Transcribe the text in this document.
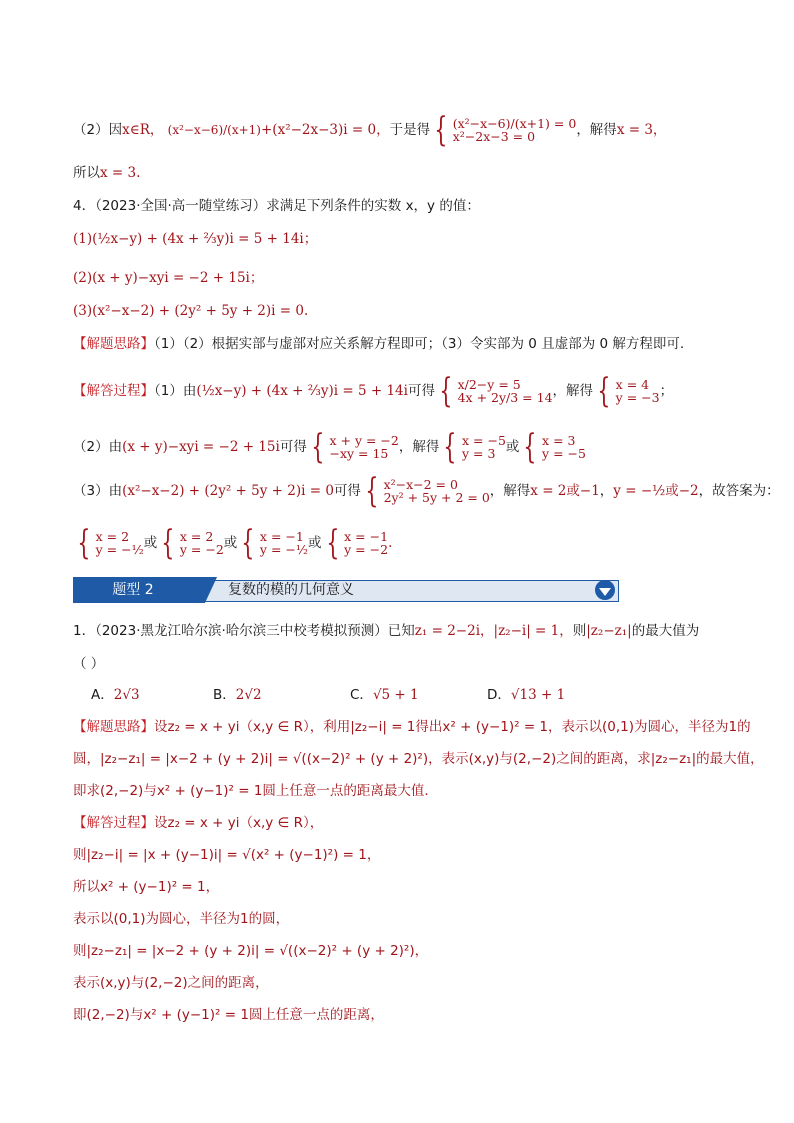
（2）因x∈R， (x²−x−6)/(x+1)+(x²−2x−3)i = 0，于是得 { (x²−x−6)/(x+1) = 0
x²−2x−3 = 0	，解得x = 3，
所以x = 3.
4．（2023·全国·高一随堂练习）求满足下列条件的实数 x，y 的值：
(1)(½x−y) + (4x + ⅔y)i = 5 + 14i；
(2)(x + y)−xyi = −2 + 15i；
(3)(x²−x−2) + (2y² + 5y + 2)i = 0.
【解题思路】（1）（2）根据实部与虚部对应关系解方程即可；（3）令实部为 0 且虚部为 0 解方程即可.
【解答过程】（1）由(½x−y) + (4x + ⅔y)i = 5 + 14i可得 { x/2−y = 5
4x + 2y/3 = 14 ，解得 { x = 4
y = −3 ；
（2）由(x + y)−xyi = −2 + 15i可得 { x + y = −2
−xy = 15 ，解得 { x = −5
y = 3 或 { x = 3
y = −5
（3）由(x²−x−2) + (2y² + 5y + 2)i = 0可得 { x²−x−2 = 0
2y² + 5y + 2 = 0 ，解得x = 2或−1，y = −½或−2，故答案为：
{ x = 2
y = −½ 或 { x = 2
y = −2 或 { x = −1
y = −½ 或 { x = −1
y = −2 .
题型 2	复数的模的几何意义
1．（2023·黑龙江哈尔滨·哈尔滨三中校考模拟预测）已知z₁ = 2−2i，|z₂−i| = 1，则|z₂−z₁|的最大值为
（ ）
A．2√3	B．2√2	C．√5 + 1	D．√13 + 1
【解题思路】设z₂ = x + yi（x,y ∈ R），利用|z₂−i| = 1得出x² + (y−1)² = 1，表示以(0,1)为圆心，半径为1的
圆，|z₂−z₁| = |x−2 + (y + 2)i| = √((x−2)² + (y + 2)²)，表示(x,y)与(2,−2)之间的距离，求|z₂−z₁|的最大值，
即求(2,−2)与x² + (y−1)² = 1圆上任意一点的距离最大值.
【解答过程】设z₂ = x + yi（x,y ∈ R），
则|z₂−i| = |x + (y−1)i| = √(x² + (y−1)²) = 1，
所以x² + (y−1)² = 1，
表示以(0,1)为圆心，半径为1的圆，
则|z₂−z₁| = |x−2 + (y + 2)i| = √((x−2)² + (y + 2)²)，
表示(x,y)与(2,−2)之间的距离，
即(2,−2)与x² + (y−1)² = 1圆上任意一点的距离，
